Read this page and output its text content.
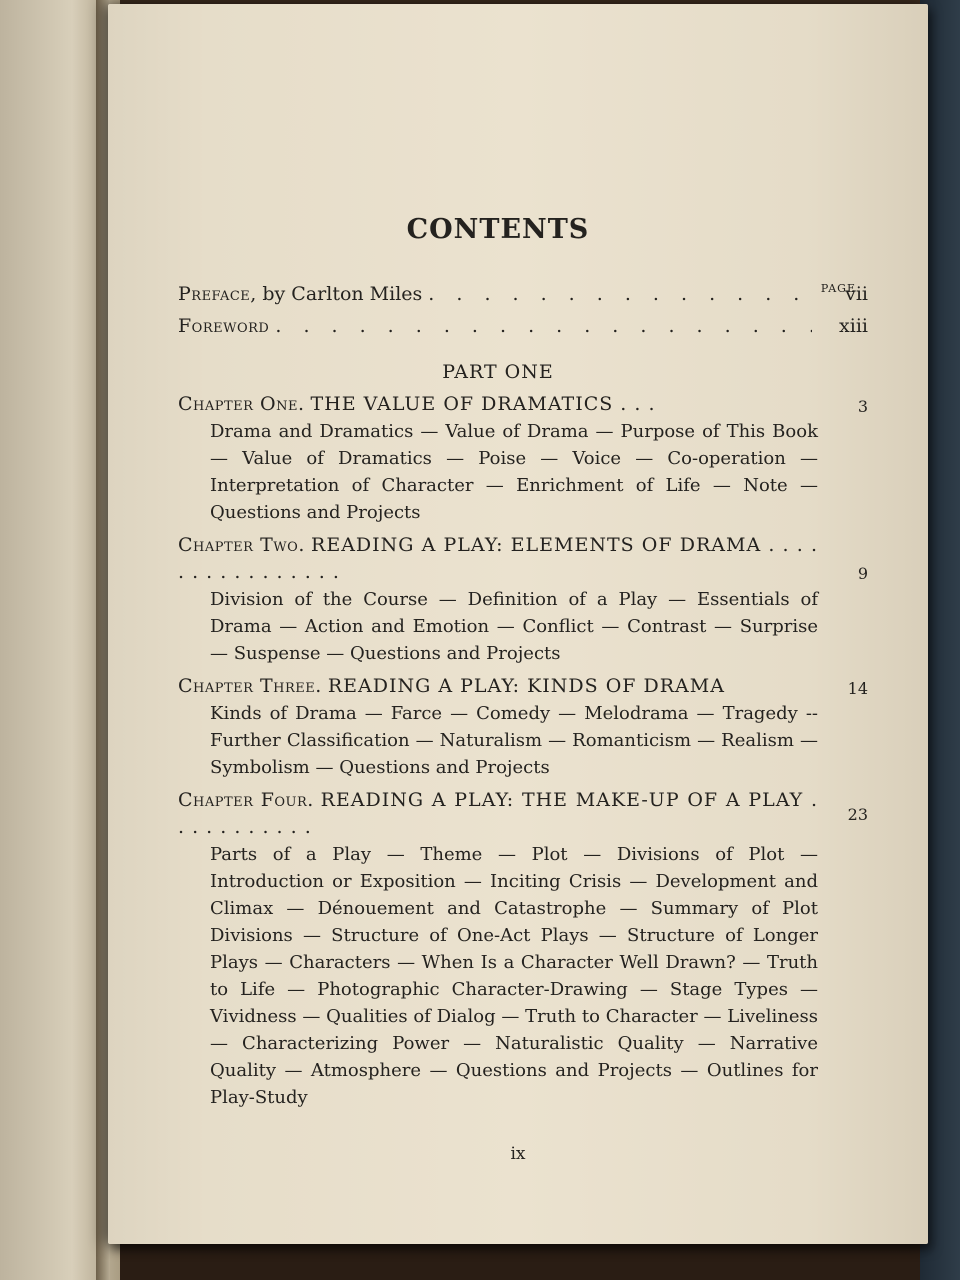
CONTENTS
PAGE
Preface, by Carlton Miles . . .	vii
Foreword . . .	xiii
PART ONE
Chapter One. THE VALUE OF DRAMATICS . . .
Drama and Dramatics — Value of Drama — Purpose of This Book — Value of Dramatics — Poise — Voice — Co-operation — Interpretation of Character — Enrichment of Life — Note — Questions and Projects
3
Chapter Two. READING A PLAY: ELEMENTS OF DRAMA . . . . . . . . . . . . . . . .
Division of the Course — Definition of a Play — Essentials of Drama — Action and Emotion — Conflict — Contrast — Surprise — Suspense — Questions and Projects
9
Chapter Three. READING A PLAY: KINDS OF DRAMA
Kinds of Drama — Farce — Comedy — Melodrama — Tragedy -- Further Classification — Naturalism — Romanticism — Realism — Symbolism — Questions and Projects
14
Chapter Four. READING A PLAY: THE MAKE-UP OF A PLAY . . . . . . . . . . .
Parts of a Play — Theme — Plot — Divisions of Plot — Introduction or Exposition — Inciting Crisis — Development and Climax — Dénouement and Catastrophe — Summary of Plot Divisions — Structure of One-Act Plays — Structure of Longer Plays — Characters — When Is a Character Well Drawn? — Truth to Life — Photographic Character-Drawing — Stage Types — Vividness — Qualities of Dialog — Truth to Character — Liveliness — Characterizing Power — Naturalistic Quality — Narrative Quality — Atmosphere — Questions and Projects — Outlines for Play-Study
23
ix
